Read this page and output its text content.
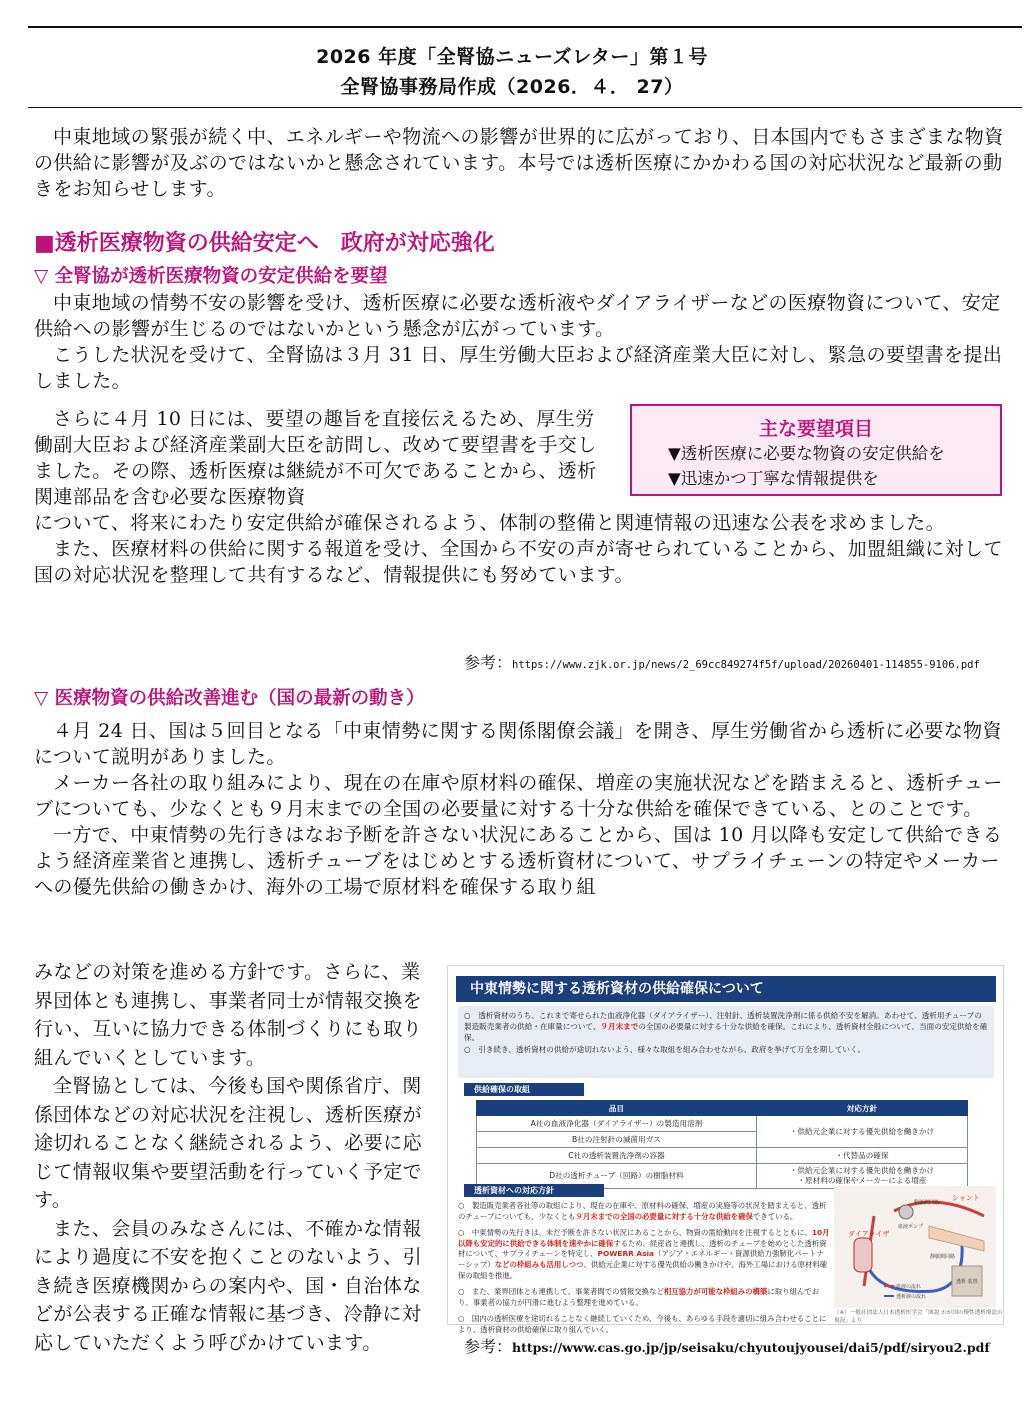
2026 年度「全腎協ニューズレター」第１号
全腎協事務局作成（2026．４． 27）

中東地域の緊張が続く中、エネルギーや物流への影響が世界的に広がっており、日本国内でもさまざまな物資の供給に影響が及ぶのではないかと懸念されています。本号では透析医療にかかわる国の対応状況など最新の動きをお知らせします。

■透析医療物資の供給安定へ　政府が対応強化
▽ 全腎協が透析医療物資の安定供給を要望

中東地域の情勢不安の影響を受け、透析医療に必要な透析液やダイアライザーなどの医療物資について、安定供給への影響が生じるのではないかという懸念が広がっています。

こうした状況を受けて、全腎協は３月 31 日、厚生労働大臣および経済産業大臣に対し、緊急の要望書を提出しました。

さらに４月 10 日には、要望の趣旨を直接伝えるため、厚生労働副大臣および経済産業副大臣を訪問し、改めて要望書を手交しました。その際、透析医療は継続が不可欠であることから、透析関連部品を含む必要な医療物資

主な要望項目
▼透析医療に必要な物資の安定供給を
▼迅速かつ丁寧な情報提供を

について、将来にわたり安定供給が確保されるよう、体制の整備と関連情報の迅速な公表を求めました。

また、医療材料の供給に関する報道を受け、全国から不安の声が寄せられていることから、加盟組織に対して国の対応状況を整理して共有するなど、情報提供にも努めています。

参考：https://www.zjk.or.jp/news/2_69cc849274f5f/upload/20260401-114855-9106.pdf
▽ 医療物資の供給改善進む（国の最新の動き）

４月 24 日、国は５回目となる「中東情勢に関する関係閣僚会議」を開き、厚生労働省から透析に必要な物資について説明がありました。

メーカー各社の取り組みにより、現在の在庫や原材料の確保、増産の実施状況などを踏まえると、透析チューブについても、少なくとも９月末までの全国の必要量に対する十分な供給を確保できている、とのことです。

一方で、中東情勢の先行きはなお予断を許さない状況にあることから、国は 10 月以降も安定して供給できるよう経済産業省と連携し、透析チューブをはじめとする透析資材について、サプライチェーンの特定やメーカーへの優先供給の働きかけ、海外の工場で原材料を確保する取り組

みなどの対策を進める方針です。さらに、業界団体とも連携し、事業者同士が情報交換を行い、互いに協力できる体制づくりにも取り組んでいくとしています。

全腎協としては、今後も国や関係省庁、関係団体などの対応状況を注視し、透析医療が途切れることなく継続されるよう、必要に応じて情報収集や要望活動を行っていく予定です。

また、会員のみなさんには、不確かな情報により過度に不安を抱くことのないよう、引き続き医療機関からの案内や、国・自治体などが公表する正確な情報に基づき、冷静に対応していただくよう呼びかけています。

中東情勢に関する透析資材の供給確保について
○　透析資材のうち、これまで寄せられた血液浄化器（ダイアライザー）、注射針、透析装置洗浄剤に係る供給不安を解消。あわせて、透析用チューブの製造販売業者の供給・在庫量について、９月末までの全国の必要量に対する十分な供給を確保。これにより、透析資材全般について、当面の安定供給を確保。
○　引き続き、透析資材の供給が途切れないよう、様々な取組を組み合わせながら、政府を挙げて万全を期していく。
供給確保の取組
品目	対応方針
A社の血液浄化器（ダイアライザー）の製造用溶剤	・供給元企業に対する優先供給を働きかけ
B社の注射針の滅菌用ガス	
C社の透析装置洗浄剤の容器	・代替品の確保
D社の透析チューブ（回路）の樹脂材料	・供給元企業に対する優先供給を働きかけ
・原材料の確保やメーカーによる増産
透析資材への対応方針
○　製造販売業者各社等の取組により、現在の在庫や、原材料の確保、増産の実施等の状況を踏まえると、透析のチューブについても、少なくとも９月末までの全国の必要量に対する十分な供給を確保できている。
○　中東情勢の先行きは、未だ予断を許さない状況にあることから、物資の需給動向を注視するとともに、10月以降も安定的に供給できる体制を速やかに確保するため、経産省と連携し、透析のチューブを始めとした透析資材について、サプライチェーンを特定し、POWERR Asia（アジア・エネルギー・資源供給力強靭化パートナーシップ）などの枠組みも活用しつつ、供給元企業に対する優先供給の働きかけや、海外工場における原材料確保の取組を推進。
○　また、業界団体とも連携して、事業者間での情報交換など相互協力が可能な枠組みの構築に取り組んでおり、事業者の協力が円滑に進むよう整理を進めている。
○　国内の透析医療を途切れることなく継続していくため、今後も、あらゆる手段を適切に組み合わせることにより、透析資材の供給確保に取り組んでいく。
ダイアライザ
シャント
血液ポンプ
動脈側回路
静脈側回路
透析 装置
血液の流れ
透析液の流れ
（※）一般社団法人日本透析医学会「図説 わが国の慢性透析療法の現況」より
参考：https://www.cas.go.jp/jp/seisaku/chyutoujyousei/dai5/pdf/siryou2.pdf
